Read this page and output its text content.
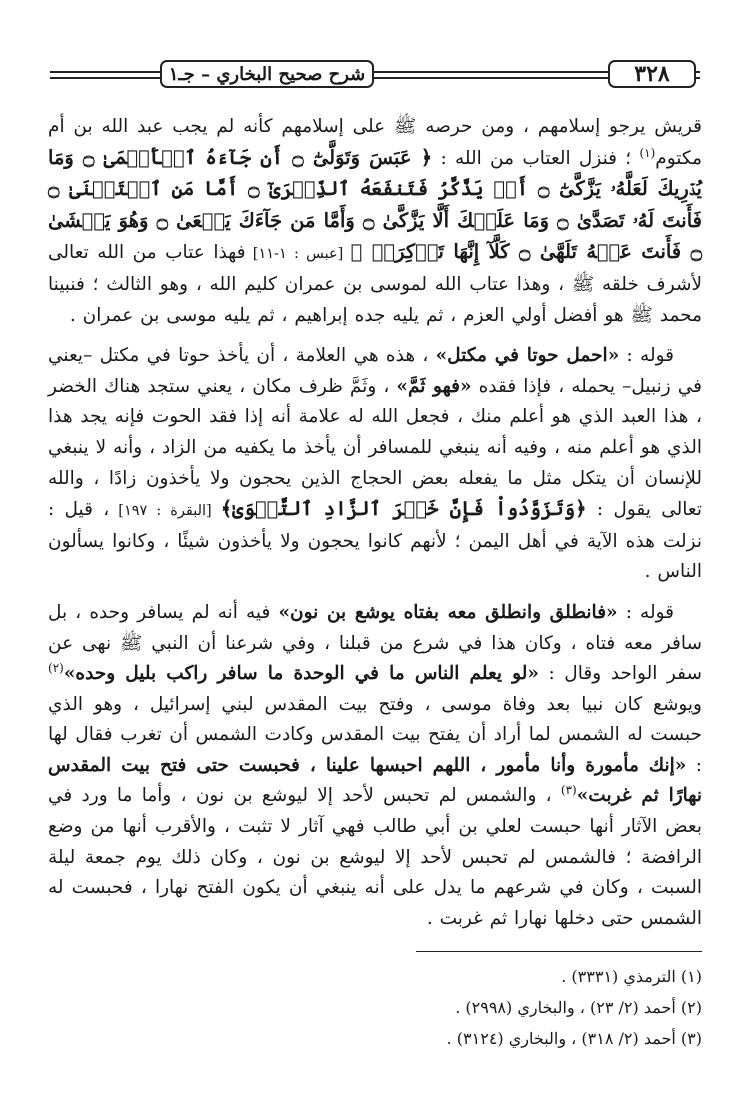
شرح صحيح البخاري – جـ١	٣٢٨

قريش يرجو إسلامهم ، ومن حرصه ﷺ على إسلامهم كأنه لم يجب عبد الله بن أم مكتوم$^{(١)}$ ؛ فنزل العتاب من الله : ﴿ عَبَسَ وَتَوَلَّىٰٓ ۝ أَن جَآءَهُ ٱلۡأَعۡمَىٰ ۝ وَمَا يُدۡرِيكَ لَعَلَّهُۥ يَزَّكَّىٰٓ ۝ أَوۡ يَذَّكَّرُ فَتَنفَعَهُ ٱلذِّكۡرَىٰٓ ۝ أَمَّا مَنِ ٱسۡتَغۡنَىٰ ۝ فَأَنتَ لَهُۥ تَصَدَّىٰ ۝ وَمَا عَلَيۡكَ أَلَّا يَزَّكَّىٰ ۝ وَأَمَّا مَن جَآءَكَ يَسۡعَىٰ ۝ وَهُوَ يَخۡشَىٰ ۝ فَأَنتَ عَنۡهُ تَلَهَّىٰ ۝ كَلَّآ إِنَّهَا تَذۡكِرَةٞ ﴾ [عبس : ١-١١] فهذا عتاب من الله تعالى لأشرف خلقه ﷺ ، وهذا عتاب الله لموسى بن عمران كليم الله ، وهو الثالث ؛ فنبينا محمد ﷺ هو أفضل أولي العزم ، ثم يليه جده إبراهيم ، ثم يليه موسى بن عمران .

قوله : «احمل حوتا في مكتل» ، هذه هي العلامة ، أن يأخذ حوتا في مكتل –يعني في زنبيل– يحمله ، فإذا فقده «فهو ثَمَّ» ، وثَمَّ ظرف مكان ، يعني ستجد هناك الخضر ، هذا العبد الذي هو أعلم منك ، فجعل الله له علامة أنه إذا فقد الحوت فإنه يجد هذا الذي هو أعلم منه ، وفيه أنه ينبغي للمسافر أن يأخذ ما يكفيه من الزاد ، وأنه لا ينبغي للإنسان أن يتكل مثل ما يفعله بعض الحجاج الذين يحجون ولا يأخذون زادًا ، والله تعالى يقول : ﴿وَتَزَوَّدُواْ فَإِنَّ خَيۡرَ ٱلزَّادِ ٱلتَّقۡوَىٰ﴾ [البقرة : ١٩٧] ، قيل : نزلت هذه الآية في أهل اليمن ؛ لأنهم كانوا يحجون ولا يأخذون شيئًا ، وكانوا يسألون الناس .

قوله : «فانطلق وانطلق معه بفتاه يوشع بن نون» فيه أنه لم يسافر وحده ، بل سافر معه فتاه ، وكان هذا في شرع من قبلنا ، وفي شرعنا أن النبي ﷺ نهى عن سفر الواحد وقال : «لو يعلم الناس ما في الوحدة ما سافر راكب بليل وحده»$^{(٢)}$ ويوشع كان نبيا بعد وفاة موسى ، وفتح بيت المقدس لبني إسرائيل ، وهو الذي حبست له الشمس لما أراد أن يفتح بيت المقدس وكادت الشمس أن تغرب فقال لها : «إنك مأمورة وأنا مأمور ، اللهم احبسها علينا ، فحبست حتى فتح بيت المقدس نهارًا ثم غربت»$^{(٣)}$ ، والشمس لم تحبس لأحد إلا ليوشع بن نون ، وأما ما ورد في بعض الآثار أنها حبست لعلي بن أبي طالب فهي آثار لا تثبت ، والأقرب أنها من وضع الرافضة ؛ فالشمس لم تحبس لأحد إلا ليوشع بن نون ، وكان ذلك يوم جمعة ليلة السبت ، وكان في شرعهم ما يدل على أنه ينبغي أن يكون الفتح نهارا ، فحبست له الشمس حتى دخلها نهارا ثم غربت .

(١) الترمذي (٣٣٣١) .

(٢) أحمد (٢/ ٢٣) ، والبخاري (٢٩٩٨) .

(٣) أحمد (٢/ ٣١٨) ، والبخاري (٣١٢٤) .
